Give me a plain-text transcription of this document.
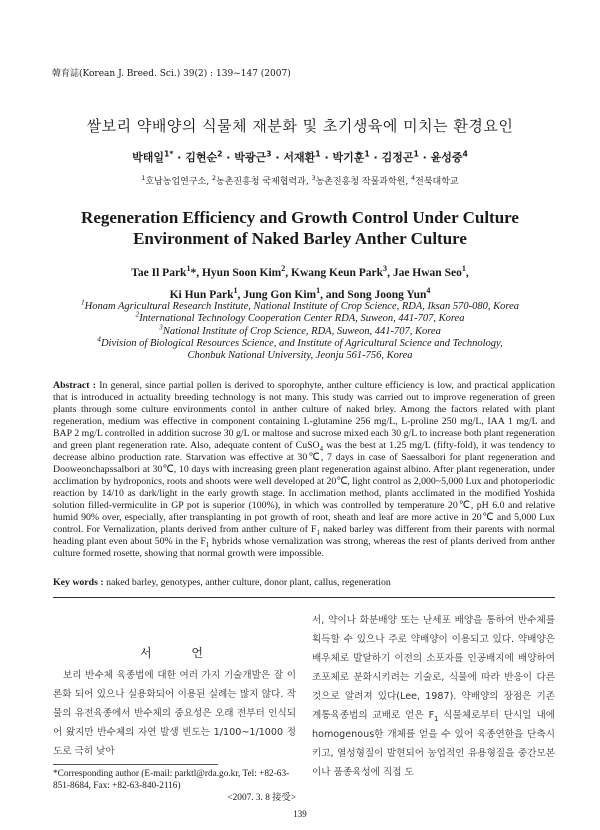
韓育誌(Korean J. Breed. Sci.) 39(2) : 139~147 (2007)
쌀보리 약배양의 식물체 재분화 및 초기생육에 미치는 환경요인
박태일$^{1*}$ · 김현순$^2$ · 박광근$^3$ · 서재환$^1$ · 박기훈$^1$ · 김정곤$^1$ · 윤성중$^4$
$^1$호남농업연구소, $^2$농촌진흥청 국제협력과, $^3$농촌진흥청 작물과학원, $^4$전북대학교
Regeneration Efficiency and Growth Control Under Culture
Environment of Naked Barley Anther Culture
Tae Il Park$^1$*, Hyun Soon Kim$^2$, Kwang Keun Park$^3$, Jae Hwan Seo$^1$,
Ki Hun Park$^1$, Jung Gon Kim$^1$, and Song Joong Yun$^4$
$^1$Honam Agricultural Research Institute, National Institute of Crop Science, RDA, Iksan 570-080, Korea
$^2$International Technology Cooperation Center RDA, Suweon, 441-707, Korea
$^3$National Institute of Crop Science, RDA, Suweon, 441-707, Korea
$^4$Division of Biological Resources Science, and Institute of Agricultural Science and Technology,
Chonbuk National University, Jeonju 561-756, Korea
Abstract : In general, since partial pollen is derived to sporophyte, anther culture efficiency is low, and practical application that is introduced in actuality breeding technology is not many. This study was carried out to improve regeneration of green plants through some culture environments contol in anther culture of naked brley. Among the factors related with plant regeneration, medium was effective in component containing L-glutamine 256 mg/L, L-proline 250 mg/L, IAA 1 mg/L and BAP 2 mg/L controlled in addition sucrose 30 g/L or maltose and sucrose mixed each 30 g/L to increase both plant regeneration and green plant regeneration rate. Also, adequate content of CuSO$_4$ was the best at 1.25 mg/L (fifty-fold), it was tendency to decrease albino production rate. Starvation was effective at 30℃, 7 days in case of Saessalbori for plant regeneration and Dooweonchapssalbori at 30℃, 10 days with increasing green plant regeneration against albino. After plant regeneration, under acclimation by hydroponics, roots and shoots were well developed at 20℃, light control as 2,000~5,000 Lux and photoperiodic reaction by 14/10 as dark/light in the early growth stage. In acclimation method, plants acclimated in the modified Yoshida solution filled-vermiculite in GP pot is superior (100%), in which was controlled by temperature 20℃, pH 6.0 and relative humid 90% over, especially, after transplanting in pot growth of root, sheath and leaf are more active in 20℃ and 5,000 Lux control. For Vernalization, plants derived from anther culture of $F_1$ naked barley was different from their parents with normal heading plant even about 50% in the $F_1$ hybrids whose vernalization was strong, whereas the rest of plants derived from anther culture formed rosette, showing that normal growth were impossible.
Key words : naked barley, genotypes, anther culture, donor plant, callus, regeneration
서 언

보리 반수체 육종법에 대한 여러 가지 기술개발은 잘 이론화 되어 있으나 실용화되어 이용된 실례는 많지 않다. 작물의 유전육종에서 반수체의 중요성은 오래 전부터 인식되어 왔지만 반수체의 자연 발생 빈도는 1/100~1/1000 정도로 극히 낮아

서, 약이나 화분배양 또는 난세포 배양을 통하여 반수체를 획득할 수 있으나 주로 약배양이 이용되고 있다. 약배양은 배우체로 발달하기 이전의 소포자를 인공배지에 배양하여 조포체로 분화시키려는 기술로, 식물에 따라 반응이 다른 것으로 알려져 있다(Lee, 1987). 약배양의 장점은 기존 계통육종법의 교배로 얻은 $F_1$ 식물체로부터 단시일 내에 homogenous한 개체를 얻을 수 있어 육종연한을 단축시키고, 열성형질이 발현되어 농업적인 유용형질을 중간모본이나 품종육성에 직접 도

*Corresponding author (E-mail: parktl@rda.go.kr, Tel: +82-63-851-8684, Fax: +82-63-840-2116)
<2007. 3. 8 接受>
139
